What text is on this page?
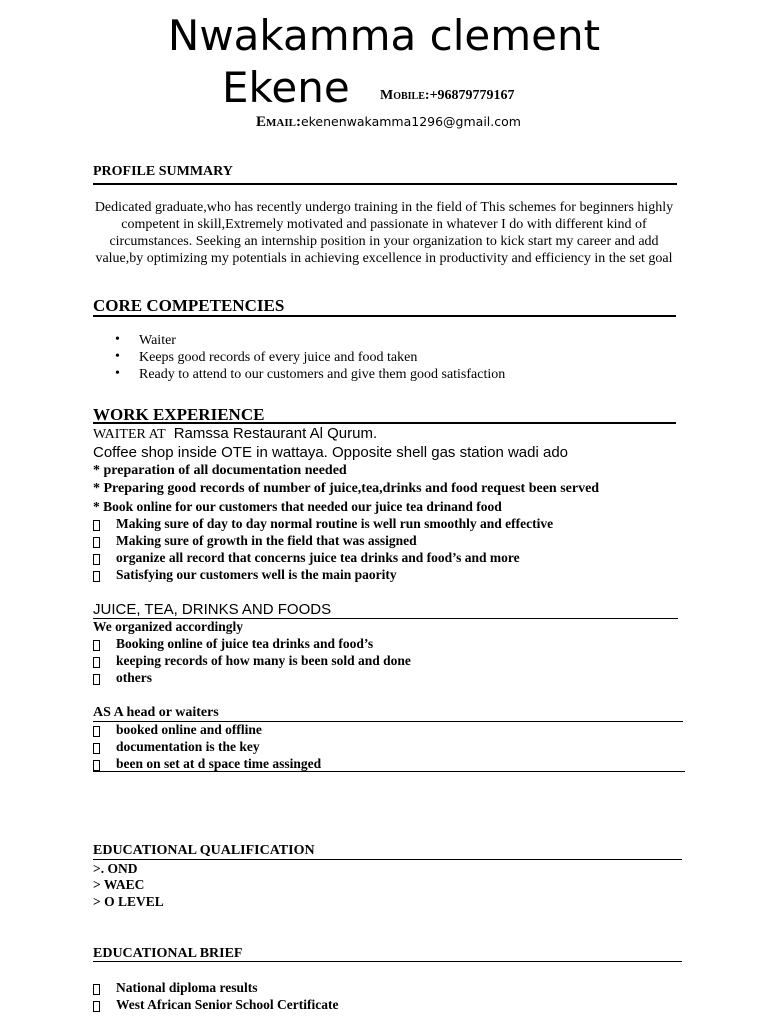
Nwakamma clement
Ekene Mobile:+96879779167
Email:ekenenwakamma1296@gmail.com
PROFILE SUMMARY
Dedicated graduate,who has recently undergo training in the field of This schemes for beginners highly competent in skill,Extremely motivated and passionate in whatever I do with different kind of circumstances. Seeking an internship position in your organization to kick start my career and add value,by optimizing my potentials in achieving excellence in productivity and efficiency in the set goal
CORE COMPETENCIES
• Waiter
• Keeps good records of every juice and food taken
• Ready to attend to our customers and give them good satisfaction
WORK EXPERIENCE
WAITER AT Ramssa Restaurant Al Qurum.
Coffee shop inside OTE in wattaya. Opposite shell gas station wadi ado
* preparation of all documentation needed
* Preparing good records of number of juice,tea,drinks and food request been served
* Book online for our customers that needed our juice tea drinand food
Making sure of day to day normal routine is well run smoothly and effective
Making sure of growth in the field that was assigned
organize all record that concerns juice tea drinks and food’s and more
Satisfying our customers well is the main paority
JUICE, TEA, DRINKS AND FOODS
We organized accordingly
Booking online of juice tea drinks and food’s
keeping records of how many is been sold and done
others
AS A head or waiters
booked online and offline
documentation is the key
been on set at d space time assinged
EDUCATIONAL QUALIFICATION
>. OND
> WAEC
> O LEVEL
EDUCATIONAL BRIEF
National diploma results
West African Senior School Certificate
